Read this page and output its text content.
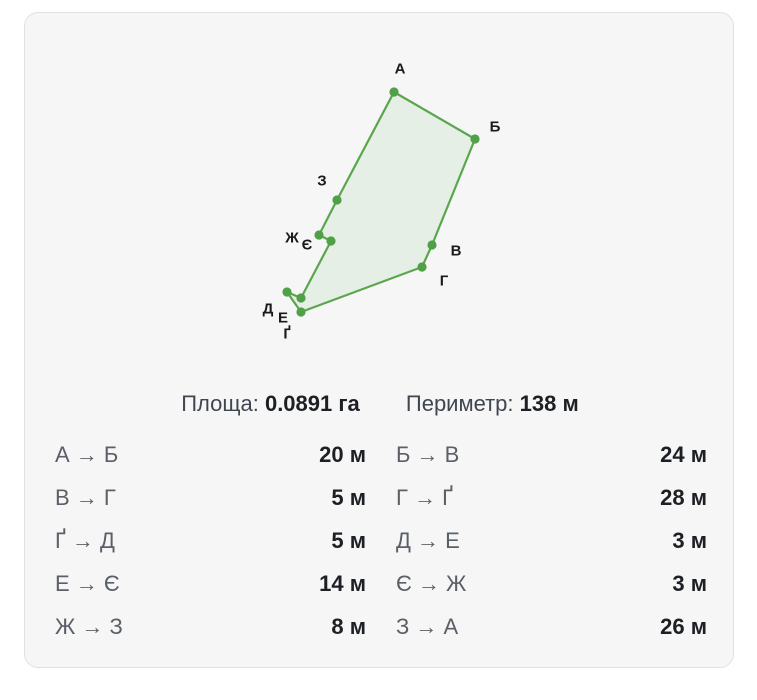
А
Б
В
Г
Ґ
Д
Е
Є
Ж
З
Площа: 0.0891 га Периметр: 138 м
А → Б	20 м Б → В	24 м
В → Г	5 м Г → Ґ	28 м
Ґ → Д	5 м Д → Е	3 м
Е → Є	14 м Є → Ж	3 м
Ж → З	8 м З → А	26 м
